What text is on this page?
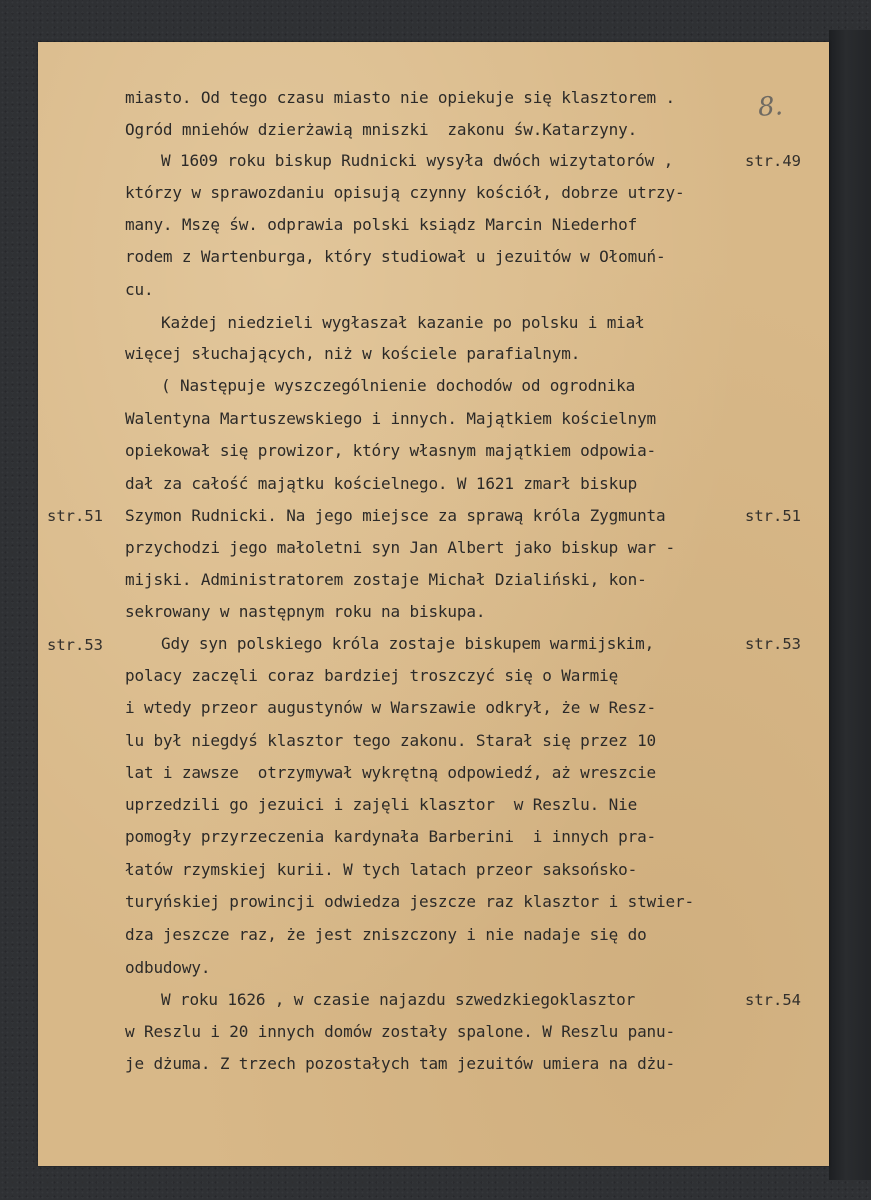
8.

miasto. Od tego czasu miasto nie opiekuje się klasztorem .

Ogród mniehów dzierżawią mniszki  zakonu św.Katarzyny.

W 1609 roku biskup Rudnicki wysyła dwóch wizytatorów ,

którzy w sprawozdaniu opisują czynny kościół, dobrze utrzy-

many. Mszę św. odprawia polski ksiądz Marcin Niederhof

rodem z Wartenburga, który studiował u jezuitów w Ołomuń-

cu.

Każdej niedzieli wygłaszał kazanie po polsku i miał

więcej słuchających, niż w kościele parafialnym.

( Następuje wyszczególnienie dochodów od ogrodnika

Walentyna Martuszewskiego i innych. Majątkiem kościelnym

opiekował się prowizor, który własnym majątkiem odpowia-

dał za całość majątku kościelnego. W 1621 zmarł biskup

Szymon Rudnicki. Na jego miejsce za sprawą króla Zygmunta

przychodzi jego małoletni syn Jan Albert jako biskup war -

mijski. Administratorem zostaje Michał Dzialiński, kon-

sekrowany w następnym roku na biskupa.

Gdy syn polskiego króla zostaje biskupem warmijskim,

polacy zaczęli coraz bardziej troszczyć się o Warmię

i wtedy przeor augustynów w Warszawie odkrył, że w Resz-

lu był niegdyś klasztor tego zakonu. Starał się przez 10

lat i zawsze  otrzymywał wykrętną odpowiedź, aż wreszcie

uprzedzili go jezuici i zajęli klasztor  w Reszlu. Nie

pomogły przyrzeczenia kardynała Barberini  i innych pra-

łatów rzymskiej kurii. W tych latach przeor saksońsko-

turyńskiej prowincji odwiedza jeszcze raz klasztor i stwier-

dza jeszcze raz, że jest zniszczony i nie nadaje się do

odbudowy.

W roku 1626 , w czasie najazdu szwedzkiegoklasztor

w Reszlu i 20 innych domów zostały spalone. W Reszlu panu-

je dżuma. Z trzech pozostałych tam jezuitów umiera na dżu-

str.49

str.51	str.51

str.53	str.53

str.54
